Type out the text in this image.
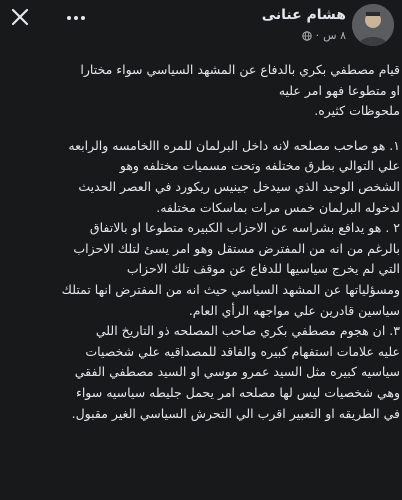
هشام عنانى
٨ س
·

قيام مصطفي بكري بالدفاع عن المشهد السياسي سواء مختارا

او متطوعا فهو امر عليه

ملحوظات كثيره.

١. هو صاحب مصلحه لانه داخل البرلمان للمره االخامسه والرابعه

علي التوالي بطرق مختلفه وتحت مسميات مختلفه وهو

الشخص الوحيد الذي سيدخل جينيس ريكورد في العصر الحديث

لدخوله البرلمان خمس مرات بماسكات مختلفه.

٢ . هو يدافع بشراسه عن الاحزاب الكبيره متطوعا او بالاتفاق

بالرغم من انه من المفترض مستقل وهو امر يسئ لتلك الاحزاب

التي لم يخرج سياسيها للدفاع عن موقف تلك الاحزاب

ومسؤلياتها عن المشهد السياسي حيث انه من المفترض انها تمتلك

سياسين قادرين علي مواجهه الرأي العام.

٣. ان هجوم مصطفي بكري صاحب المصلحه ذو التاريخ اللي

عليه علامات استفهام كبيره والفاقد للمصداقيه علي شخصيات

سياسيه كبيره مثل السيد عمرو موسي او السيد مصطفي الفقي

وهي شخصيات ليس لها مصلحه امر يحمل جليطه سياسيه سواء

في الطريقه او التعبير اقرب الي التحرش السياسي الغير مقبول.
